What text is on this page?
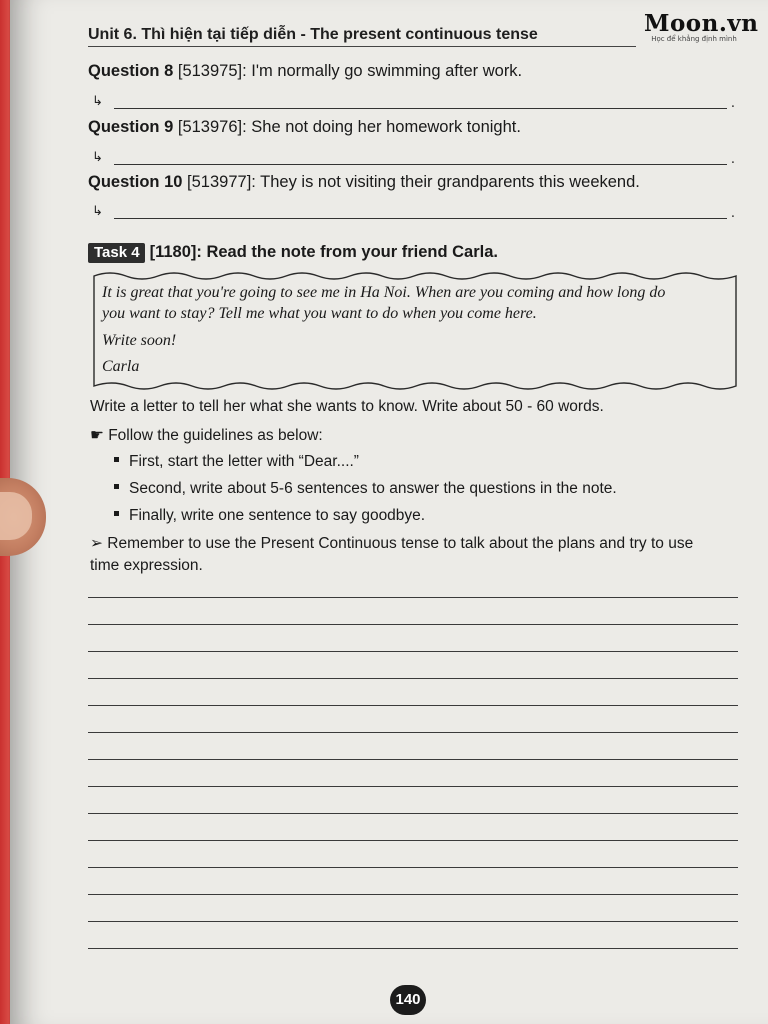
Unit 6. Thì hiện tại tiếp diễn - The present continuous tense	Moon.vn
Học để khẳng định mình
Question 8 [513975]: I'm normally go swimming after work.
↳	.
Question 9 [513976]: She not doing her homework tonight.
↳	.
Question 10 [513977]: They is not visiting their grandparents this weekend.
↳	.
Task 4 [1180]: Read the note from your friend Carla.
It is great that you're going to see me in Ha Noi. When are you coming and how long do
you want to stay? Tell me what you want to do when you come here.
Write soon!
Carla
Write a letter to tell her what she wants to know. Write about 50 - 60 words.
☛ Follow the guidelines as below:
First, start the letter with “Dear....”
Second, write about 5-6 sentences to answer the questions in the note.
Finally, write one sentence to say goodbye.
➢ Remember to use the Present Continuous tense to talk about the plans and try to use
time expression.
140
